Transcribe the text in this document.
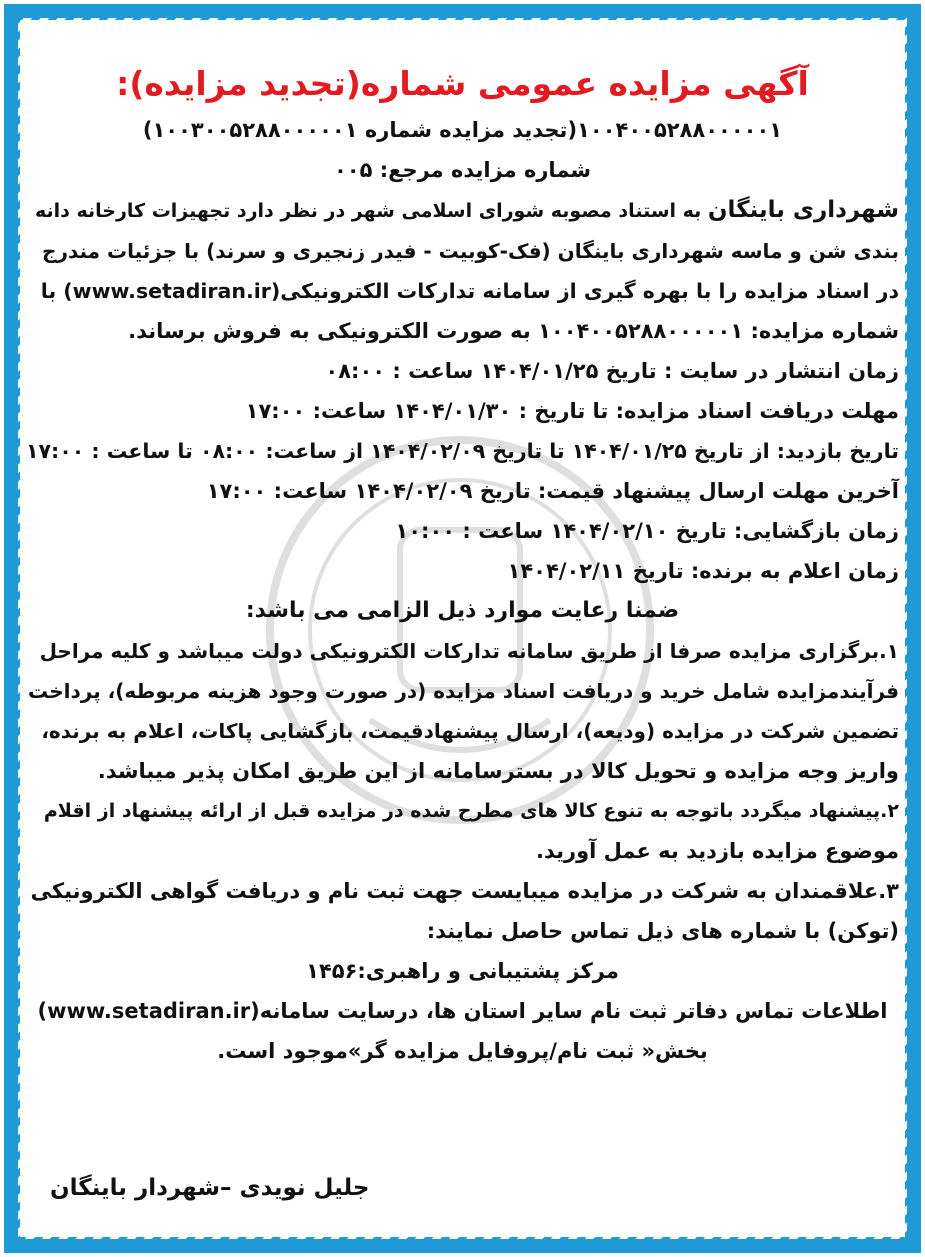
آگهی مزایده عمومی شماره(تجدید مزایده):

۱۰۰۴۰۰۵۲۸۸۰۰۰۰۰۱(تجدید مزایده شماره ۱۰۰۳۰۰۵۲۸۸۰۰۰۰۰۱)

شماره مزایده مرجع: ۰۰۵

شهرداری باینگان به استناد مصوبه شورای اسلامی شهر در نظر دارد تجهیزات کارخانه دانه

بندی شن و ماسه شهرداری باینگان (فک-کوبیت - فیدر زنجیری و سرند) با جزئیات مندرج

در اسناد مزایده را با بهره گیری از سامانه تدارکات الکترونیکی(www.setadiran.ir) با

شماره مزایده: ۱۰۰۴۰۰۵۲۸۸۰۰۰۰۰۱ به صورت الکترونیکی به فروش برساند.

زمان انتشار در سایت : تاریخ ۱۴۰۴/۰۱/۲۵ ساعت : ۰۸:۰۰

مهلت دریافت اسناد مزایده: تا تاریخ : ۱۴۰۴/۰۱/۳۰ ساعت: ۱۷:۰۰

تاریخ بازدید: از تاریخ ۱۴۰۴/۰۱/۲۵ تا تاریخ ۱۴۰۴/۰۲/۰۹ از ساعت: ۰۸:۰۰ تا ساعت : ۱۷:۰۰

آخرین مهلت ارسال پیشنهاد قیمت: تاریخ ۱۴۰۴/۰۲/۰۹ ساعت: ۱۷:۰۰

زمان بازگشایی: تاریخ ۱۴۰۴/۰۲/۱۰ ساعت : ۱۰:۰۰

زمان اعلام به برنده: تاریخ ۱۴۰۴/۰۲/۱۱

ضمنا رعایت موارد ذیل الزامی می باشد:

۱.برگزاری مزایده صرفا از طریق سامانه تدارکات الکترونیکی دولت میباشد و کلیه مراحل

فرآیندمزایده شامل خرید و دریافت اسناد مزایده (در صورت وجود هزینه مربوطه)، پرداخت

تضمین شرکت در مزایده (ودیعه)، ارسال پیشنهادقیمت، بازگشایی پاکات، اعلام به برنده،

واریز وجه مزایده و تحویل کالا در بسترسامانه از این طریق امکان پذیر میباشد.

۲.پیشنهاد میگردد باتوجه به تنوع کالا های مطرح شده در مزایده قبل از ارائه پیشنهاد از اقلام

موضوع مزایده بازدید به عمل آورید.

۳.علاقمندان به شرکت در مزایده میبایست جهت ثبت نام و دریافت گواهی الکترونیکی

(توکن) با شماره های ذیل تماس حاصل نمایند:

مرکز پشتیبانی و راهبری:۱۴۵۶

اطلاعات تماس دفاتر ثبت نام سایر استان ها، درسایت سامانه(www.setadiran.ir)

بخش« ثبت نام/پروفایل مزایده گر»موجود است.

جلیل نویدی –شهردار باینگان
